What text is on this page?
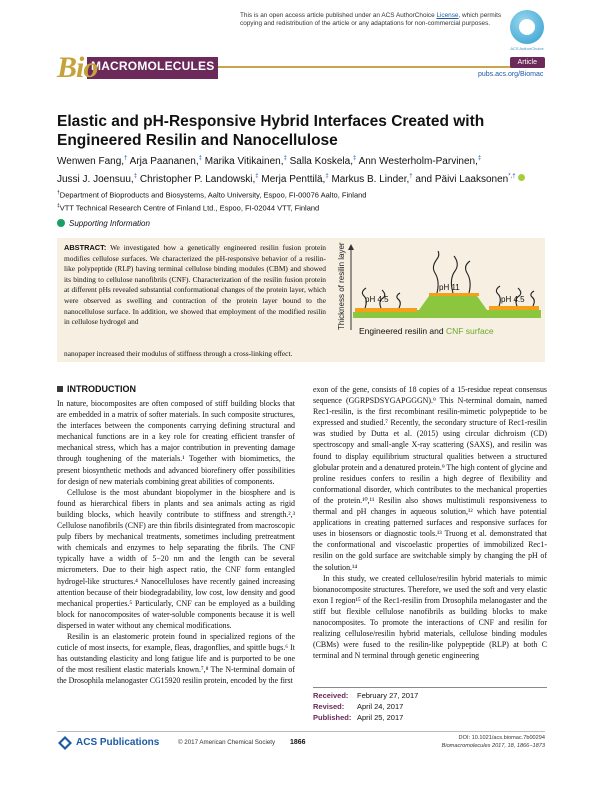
This is an open access article published under an ACS AuthorChoice License, which permits copying and redistribution of the article or any adaptations for non-commercial purposes.
ACS AuthorChoice
MACROMOLECULES
Bio	Article
pubs.acs.org/Biomac
Elastic and pH-Responsive Hybrid Interfaces Created with Engineered Resilin and Nanocellulose
Wenwen Fang,† Arja Paananen,‡ Marika Vitikainen,‡ Salla Koskela,‡ Ann Westerholm-Parvinen,‡
Jussi J. Joensuu,‡ Christopher P. Landowski,‡ Merja Penttilä,‡ Markus B. Linder,† and Päivi Laaksonen*,†
†Department of Bioproducts and Biosystems, Aalto University, Espoo, FI-00076 Aalto, Finland
‡VTT Technical Research Centre of Finland Ltd., Espoo, FI-02044 VTT, Finland
Supporting Information
ABSTRACT: We investigated how a genetically engineered resilin fusion protein modifies cellulose surfaces. We characterized the pH-responsive behavior of a resilin-like polypeptide (RLP) having terminal cellulose binding modules (CBM) and showed its binding to cellulose nanofibrils (CNF). Characterization of the resilin fusion protein at different pHs revealed substantial conformational changes of the protein layer, which were observed as swelling and contraction of the protein layer bound to the nanocellulose surface. In addition, we showed that employment of the modified resilin in cellulose hydrogel and
nanopaper increased their modulus of stiffness through a cross-linking effect.
Thickness of resilin layer pH 4.5
pH 11
pH 4.5
Engineered resilin and CNF surface
INTRODUCTION

In nature, biocomposites are often composed of stiff building blocks that are embedded in a matrix of softer materials. In such composite structures, the interfaces between the components carrying defining structural and mechanical functions are in a key role for creating efficient transfer of mechanical stress, which has a major contribution in preventing damage through toughening of the materials.¹ Together with biomimetics, the present biosynthetic methods and advanced biorefinery offer possibilities for design of new materials combining great abilities of components.

Cellulose is the most abundant biopolymer in the biosphere and is found as hierarchical fibers in plants and sea animals acting as rigid building blocks, which heavily contribute to stiffness and strength.²,³ Cellulose nanofibrils (CNF) are thin fibrils disintegrated from macroscopic pulp fibers by mechanical treatments, sometimes including pretreatment with chemicals and enzymes to help separating the fibrils. The CNF typically have a width of 5−20 nm and the length can be several micrometers. Due to their high aspect ratio, the CNF form entangled hydrogel-like structures.⁴ Nanocelluloses have recently gained increasing attention because of their biodegradability, low cost, low density and good mechanical properties.⁵ Particularly, CNF can be employed as a building block for nanocomposites of water-soluble components because it is well dispersed in water without any chemical modifications.

Resilin is an elastomeric protein found in specialized regions of the cuticle of most insects, for example, fleas, dragonflies, and spittle bugs.⁶ It has outstanding elasticity and long fatigue life and is purported to be one of the most resilient elastic materials known.⁷,⁸ The N-terminal domain of the Drosophila melanogaster CG15920 resilin protein, encoded by the first

exon of the gene, consists of 18 copies of a 15-residue repeat consensus sequence (GGRPSDSYGAPGGGN).⁹ This N-terminal domain, named Rec1-resilin, is the first recombinant resilin-mimetic polypeptide to be expressed and studied.⁷ Recently, the secondary structure of Rec1-resilin was studied by Dutta et al. (2015) using circular dichroism (CD) spectroscopy and small-angle X-ray scattering (SAXS), and resilin was found to display equilibrium structural qualities between a structured globular protein and a denatured protein.⁹ The high content of glycine and proline residues confers to resilin a high degree of flexibility and conformational disorder, which contributes to the mechanical properties of the protein.¹⁰,¹¹ Resilin also shows multistimuli responsiveness to thermal and pH changes in aqueous solution,¹² which have potential applications in creating patterned surfaces and responsive surfaces for uses in biosensors or diagnostic tools.¹³ Truong et al. demonstrated that the conformational and viscoelastic properties of immobilized Rec1-resilin on the gold surface are switchable simply by changing the pH of the solution.¹⁴

In this study, we created cellulose/resilin hybrid materials to mimic bionanocomposite structures. Therefore, we used the soft and very elastic exon I region¹⁵ of the Rec1-resilin from Drosophila melanogaster and the stiff but flexible cellulose nanofibrils as building blocks to make nanocomposites. To promote the interactions of CNF and resilin for realizing cellulose/resilin hybrid materials, cellulose binding modules (CBMs) were fused to the resilin-like polypeptide (RLP) at both C terminal and N terminal through genetic engineering

Received: February 27, 2017
Revised: April 24, 2017
Published: April 25, 2017
ACS Publications	© 2017 American Chemical Society 1866
DOI: 10.1021/acs.biomac.7b00294
Biomacromolecules 2017, 18, 1866−1873
